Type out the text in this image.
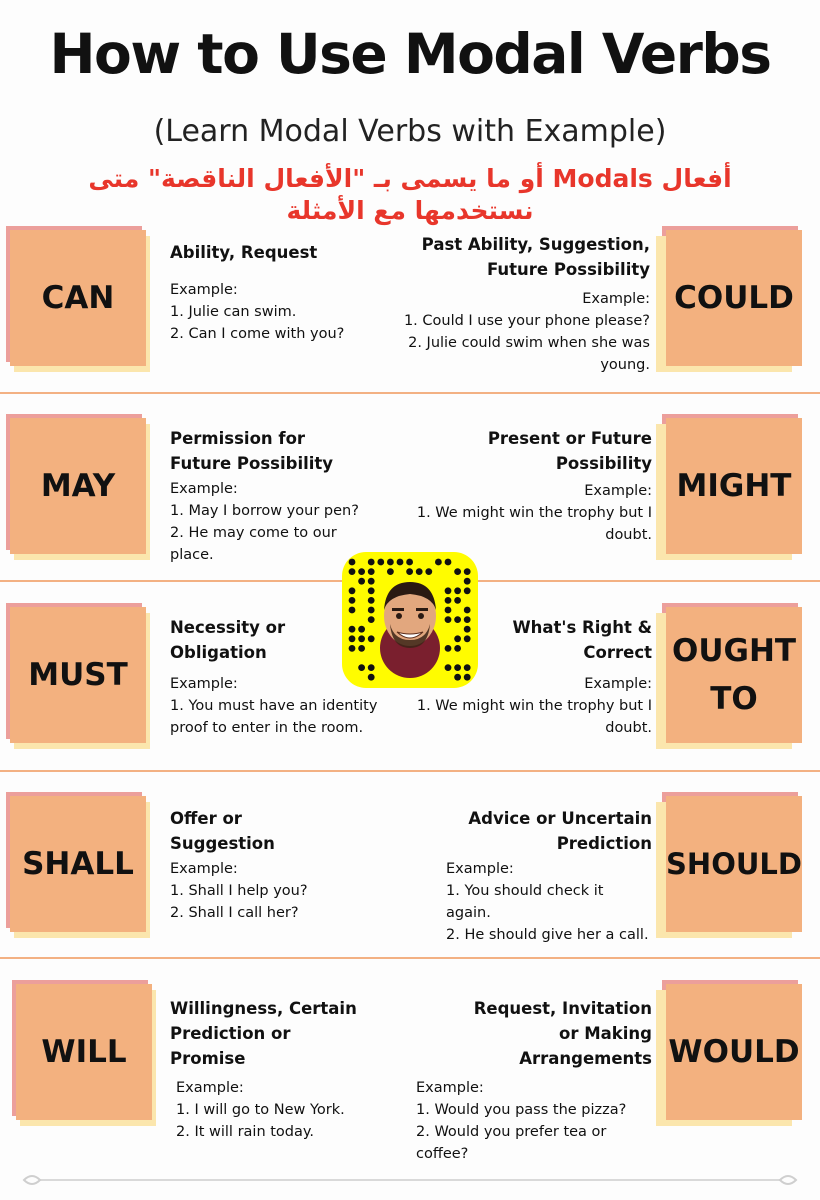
How to Use Modal Verbs
(Learn Modal Verbs with Example)
أفعال Modals أو ما يسمى بـ "الأفعال الناقصة" متى
نستخدمها مع الأمثلة
CAN
Ability, Request
Example:
1. Julie can swim.
2. Can I come with you?
Past Ability, Suggestion,
Future Possibility
Example:
1. Could I use your phone please?
2. Julie could swim when she was
young.
COULD
MAY
Permission for
Future Possibility
Example:
1. May I borrow your pen?
2. He may come to our
place.
Present or Future
Possibility
Example:
1. We might win the trophy but I
doubt.
MIGHT
MUST
Necessity or
Obligation
Example:
1. You must have an identity
proof to enter in the room.
What's Right &
Correct
Example:
1. We might win the trophy but I
doubt.
OUGHT
TO
SHALL
Offer or
Suggestion
Example:
1. Shall I help you?
2. Shall I call her?
Advice or Uncertain
Prediction
Example:
1. You should check it again.
2. He should give her a call.
SHOULD
WILL
Willingness, Certain
Prediction or
Promise
Example:
1. I will go to New York.
2. It will rain today.
Request, Invitation
or Making
Arrangements
Example:
1. Would you pass the pizza?
2. Would you prefer tea or coffee?
WOULD
